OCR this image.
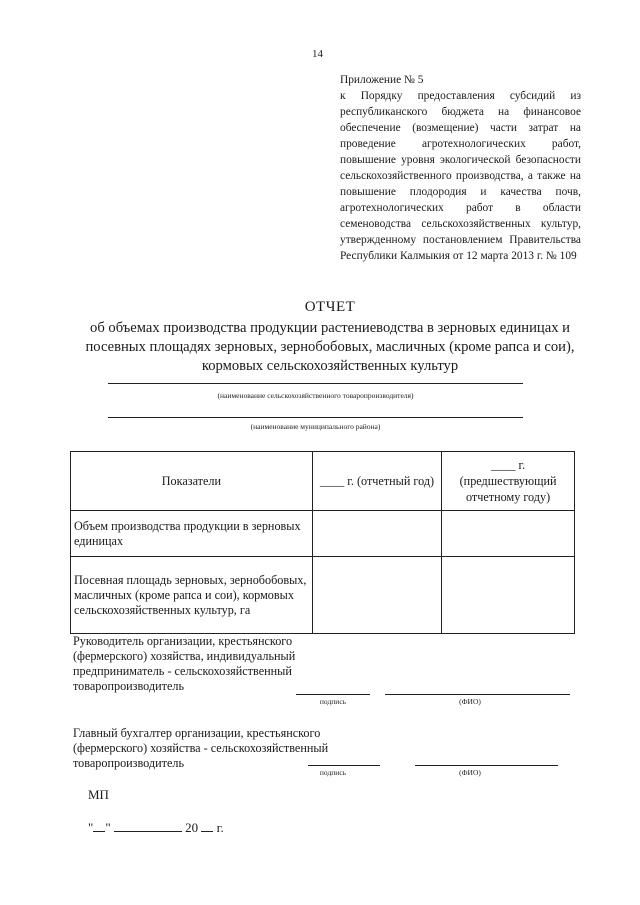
14

Приложение № 5

к Порядку предоставления субсидий из республиканского бюджета на финансовое обеспечение (возмещение) части затрат на проведение агротехнологических работ, повышение уровня экологической безопасности сельскохозяйственного производства, а также на повышение плодородия и качества почв, агротехнологических работ в области семеноводства сельскохозяйственных культур, утвержденному постановлением Правительства Республики Калмыкия от 12 марта 2013 г. № 109

ОТЧЕТ
об объемах производства продукции растениеводства в зерновых единицах и посевных площадях зерновых, зернобобовых, масличных (кроме рапса и сои), кормовых сельскохозяйственных культур
(наименование сельскохозяйственного товаропроизводителя)
(наименование муниципального района)
Показатели	____ г. (отчетный год)	____ г. (предшествующий отчетному году)
Объем производства продукции в зерновых единицах		
Посевная площадь зерновых, зернобобовых, масличных (кроме рапса и сои), кормовых сельскохозяйственных культур, га		
Руководитель организации, крестьянского (фермерского) хозяйства, индивидуальный предприниматель - сельскохозяйственный товаропроизводитель
подпись	(ФИО)
Главный бухгалтер организации, крестьянского (фермерского) хозяйства - сельскохозяйственный товаропроизводитель
подпись	(ФИО)
МП
" "	20 г.
